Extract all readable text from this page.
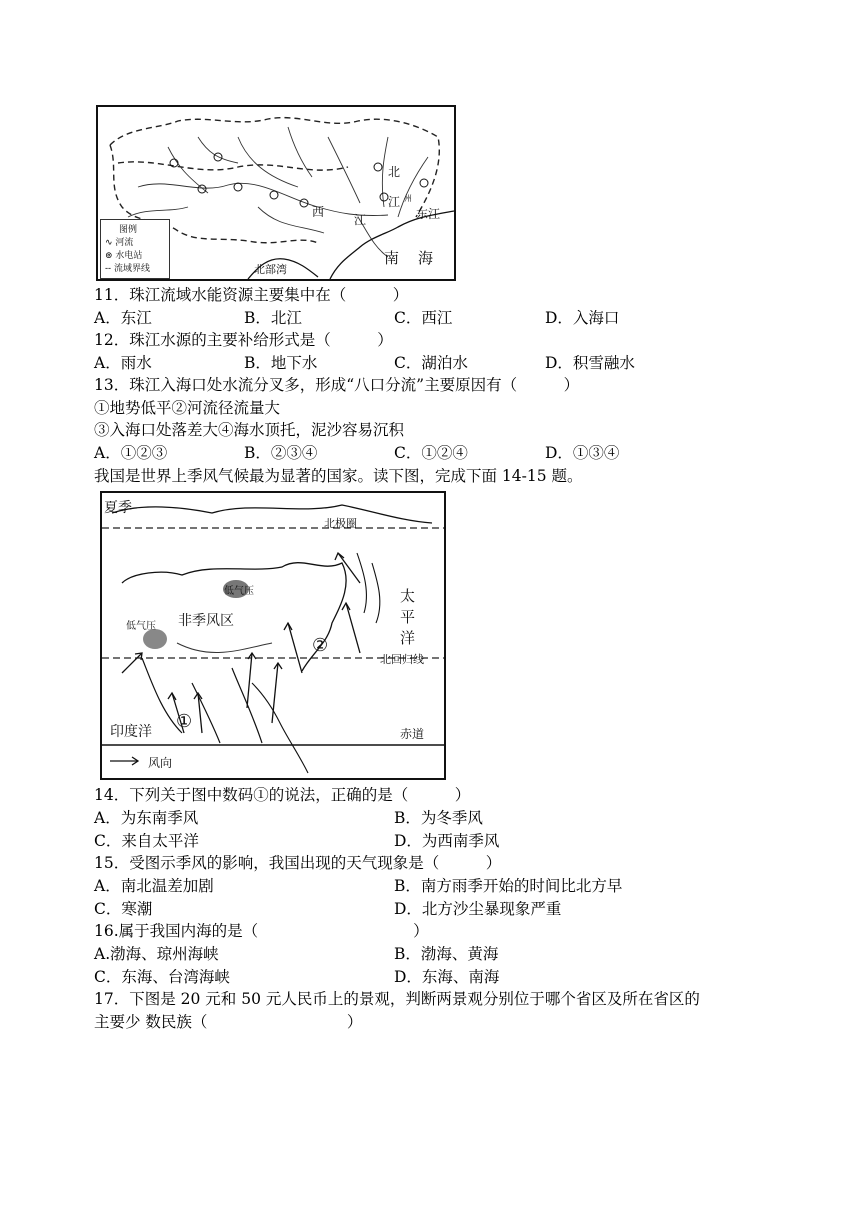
图例
∿ 河流
⊚ 水电站
-- 流域界线
西
江
北
江
东江
州
南 海
北部湾
11．珠江流域水能资源主要集中在（　　　）
A．东江	B．北江	C．西江	D．入海口
12．珠江水源的主要补给形式是（　　　）
A．雨水	B．地下水	C．湖泊水	D．积雪融水
13．珠江入海口处水流分叉多，形成“八口分流”主要原因有（　　　）
①地势低平②河流径流量大
③入海口处落差大④海水顶托，泥沙容易沉积
A．①②③	B．②③④	C．①②④	D．①③④
我国是世界上季风气候最为显著的国家。读下图，完成下面 14-15 题。
夏季
北极圈
低气压
低气压 非季风区
太
平
洋
北回归线
印度洋	赤道
①
②
风向
14．下列关于图中数码①的说法，正确的是（　　　）
A．为东南季风	B．为冬季风
C．来自太平洋	D．为西南季风
15．受图示季风的影响，我国出现的天气现象是（　　　）
A．南北温差加剧	B．南方雨季开始的时间比北方早
C．寒潮	D．北方沙尘暴现象严重
16.属于我国内海的是（　　　　　　　　　　）
A.渤海、琼州海峡	B．渤海、黄海
C．东海、台湾海峡	D．东海、南海
17．下图是 20 元和 50 元人民币上的景观，判断两景观分别位于哪个省区及所在省区的
主要少 数民族（　　　　　　　　　）
